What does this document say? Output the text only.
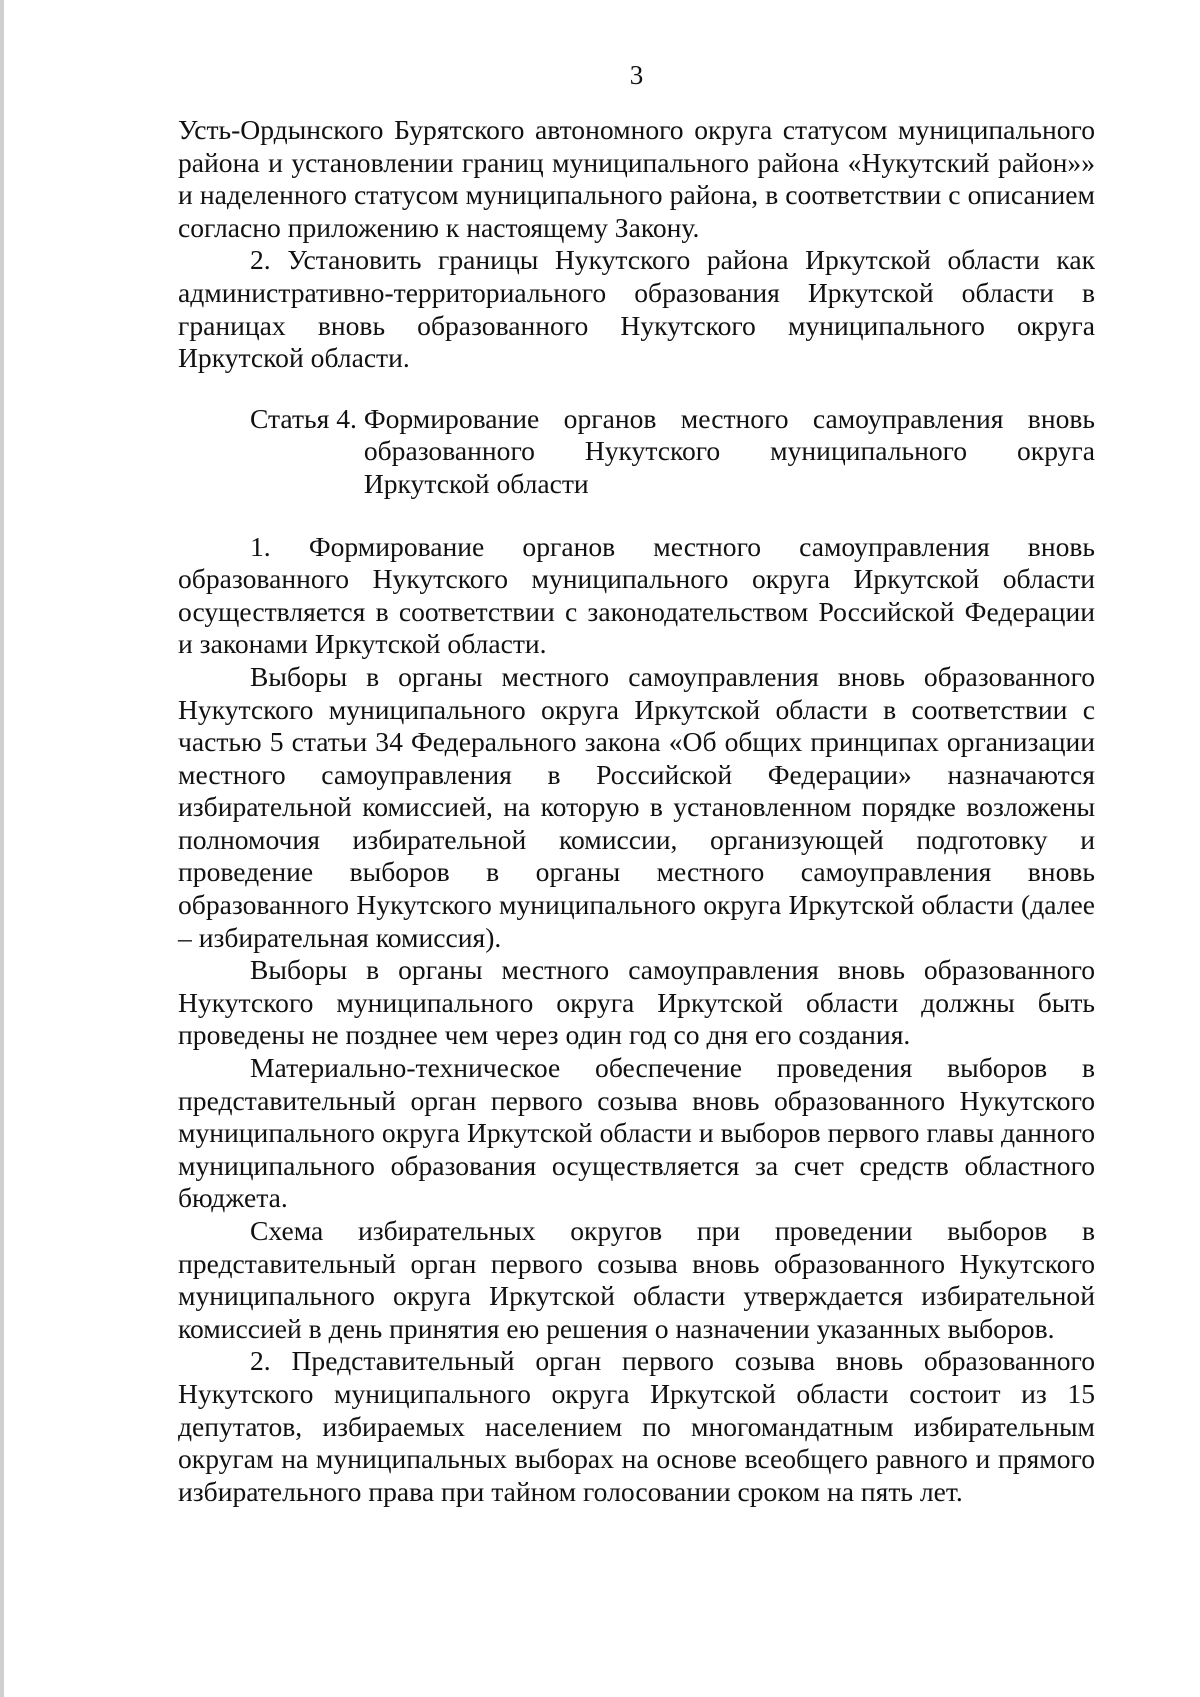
3

Усть-Ордынского Бурятского автономного округа статусом муниципального района и установлении границ муниципального района «Нукутский район»» и наделенного статусом муниципального района, в соответствии с описанием согласно приложению к настоящему Закону.

2. Установить границы Нукутского района Иркутской области как административно-территориального образования Иркутской области в границах вновь образованного Нукутского муниципального округа Иркутской области.

Статья 4.
Формирование органов местного самоуправления вновь образованного Нукутского муниципального округа Иркутской области

1. Формирование органов местного самоуправления вновь образованного Нукутского муниципального округа Иркутской области осуществляется в соответствии с законодательством Российской Федерации и законами Иркутской области.

Выборы в органы местного самоуправления вновь образованного Нукутского муниципального округа Иркутской области в соответствии с частью 5 статьи 34 Федерального закона «Об общих принципах организации местного самоуправления в Российской Федерации» назначаются избирательной комиссией, на которую в установленном порядке возложены полномочия избирательной комиссии, организующей подготовку и проведение выборов в органы местного самоуправления вновь образованного Нукутского муниципального округа Иркутской области (далее – избирательная комиссия).

Выборы в органы местного самоуправления вновь образованного Нукутского муниципального округа Иркутской области должны быть проведены не позднее чем через один год со дня его создания.

Материально-техническое обеспечение проведения выборов в представительный орган первого созыва вновь образованного Нукутского муниципального округа Иркутской области и выборов первого главы данного муниципального образования осуществляется за счет средств областного бюджета.

Схема избирательных округов при проведении выборов в представительный орган первого созыва вновь образованного Нукутского муниципального округа Иркутской области утверждается избирательной комиссией в день принятия ею решения о назначении указанных выборов.

2. Представительный орган первого созыва вновь образованного Нукутского муниципального округа Иркутской области состоит из 15 депутатов, избираемых населением по многомандатным избирательным округам на муниципальных выборах на основе всеобщего равного и прямого избирательного права при тайном голосовании сроком на пять лет.
